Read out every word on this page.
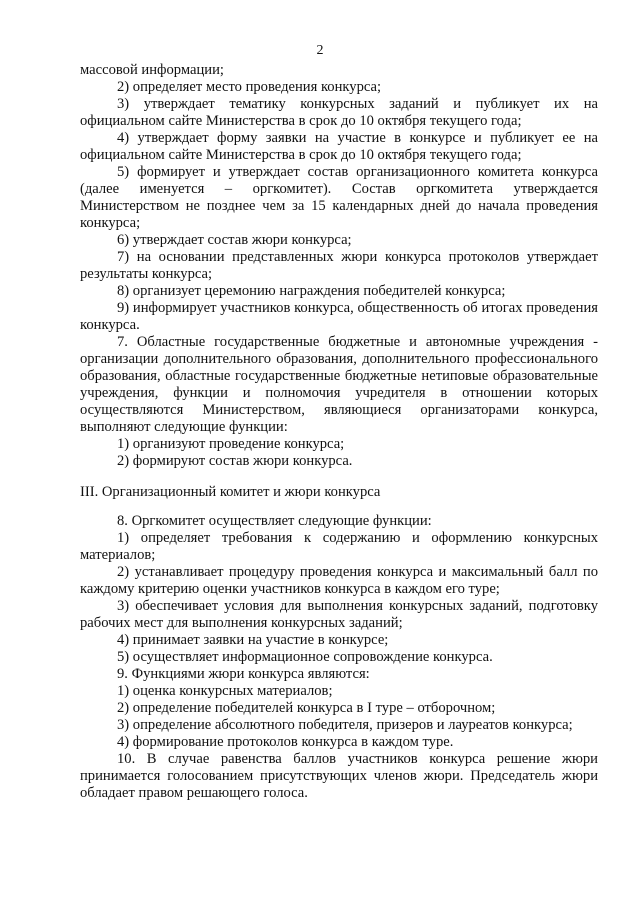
2

массовой информации;

2) определяет место проведения конкурса;

3) утверждает тематику конкурсных заданий и публикует их на официальном сайте Министерства в срок до 10 октября текущего года;

4) утверждает форму заявки на участие в конкурсе и публикует ее на официальном сайте Министерства в срок до 10 октября текущего года;

5) формирует и утверждает состав организационного комитета конкурса (далее именуется – оргкомитет). Состав оргкомитета утверждается Министерством не позднее чем за 15 календарных дней до начала проведения конкурса;

6) утверждает состав жюри конкурса;

7) на основании представленных жюри конкурса протоколов утверждает результаты конкурса;

8) организует церемонию награждения победителей конкурса;

9) информирует участников конкурса, общественность об итогах проведения конкурса.

7. Областные государственные бюджетные и автономные учреждения - организации дополнительного образования, дополнительного профессионального образования, областные государственные бюджетные нетиповые образовательные учреждения, функции и полномочия учредителя в отношении которых осуществляются Министерством, являющиеся организаторами конкурса, выполняют следующие функции:

1) организуют проведение конкурса;

2) формируют состав жюри конкурса.

III. Организационный комитет и жюри конкурса

8. Оргкомитет осуществляет следующие функции:

1) определяет требования к содержанию и оформлению конкурсных материалов;

2) устанавливает процедуру проведения конкурса и максимальный балл по каждому критерию оценки участников конкурса в каждом его туре;

3) обеспечивает условия для выполнения конкурсных заданий, подготовку рабочих мест для выполнения конкурсных заданий;

4) принимает заявки на участие в конкурсе;

5) осуществляет информационное сопровождение конкурса.

9. Функциями жюри конкурса являются:

1) оценка конкурсных материалов;

2) определение победителей конкурса в I туре – отборочном;

3) определение абсолютного победителя, призеров и лауреатов конкурса;

4) формирование протоколов конкурса в каждом туре.

10. В случае равенства баллов участников конкурса решение жюри принимается голосованием присутствующих членов жюри. Председатель жюри обладает правом решающего голоса.
